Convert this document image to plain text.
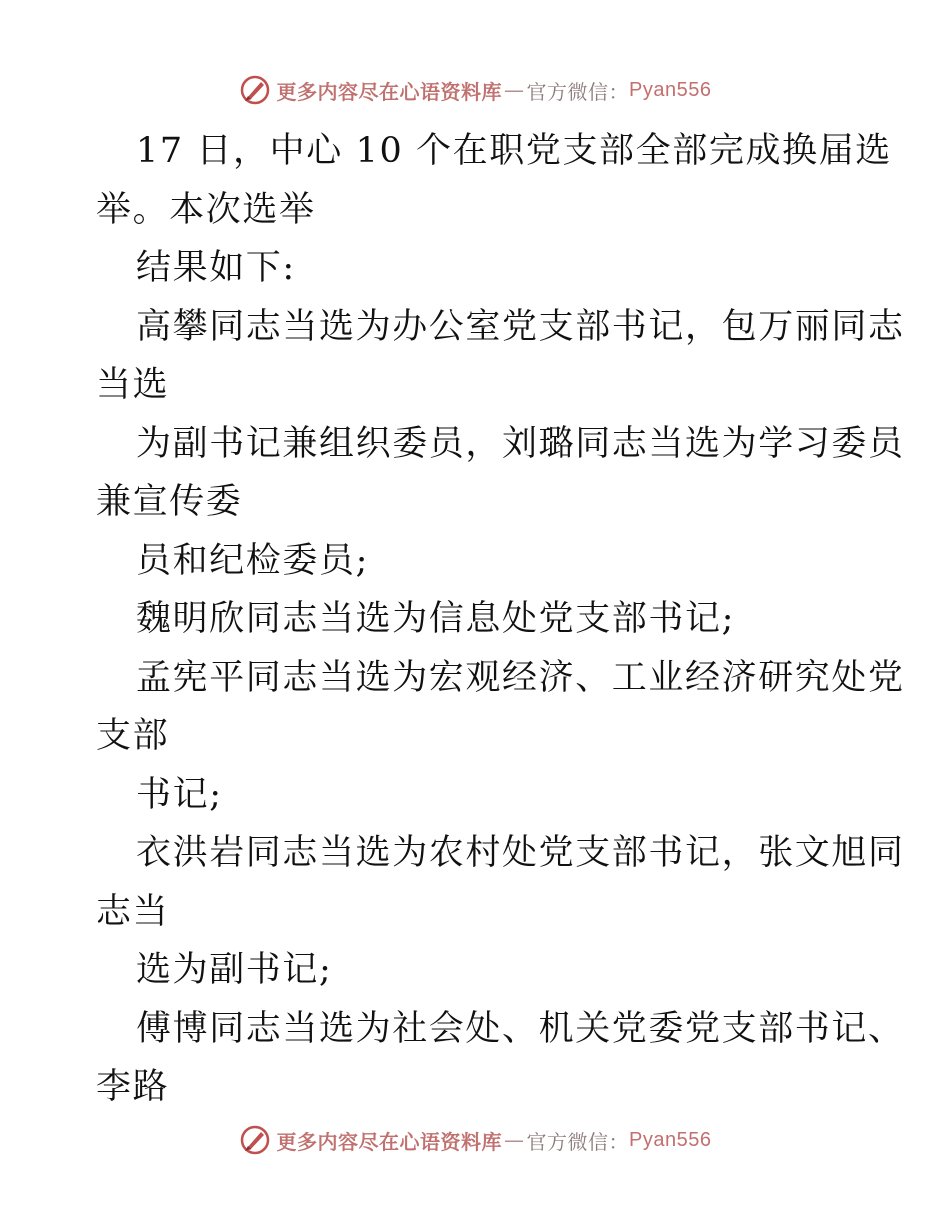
更多内容尽在心语资料库 — 官方微信： Pyan556
17 日，中心 10 个在职党支部全部完成换届选
举。本次选举
结果如下:
高攀同志当选为办公室党支部书记，包万丽同志
当选
为副书记兼组织委员，刘璐同志当选为学习委员
兼宣传委
员和纪检委员;
魏明欣同志当选为信息处党支部书记;
孟宪平同志当选为宏观经济、工业经济研究处党
支部
书记;
衣洪岩同志当选为农村处党支部书记，张文旭同
志当
选为副书记;
傅博同志当选为社会处、机关党委党支部书记、
李路
更多内容尽在心语资料库 — 官方微信： Pyan556
